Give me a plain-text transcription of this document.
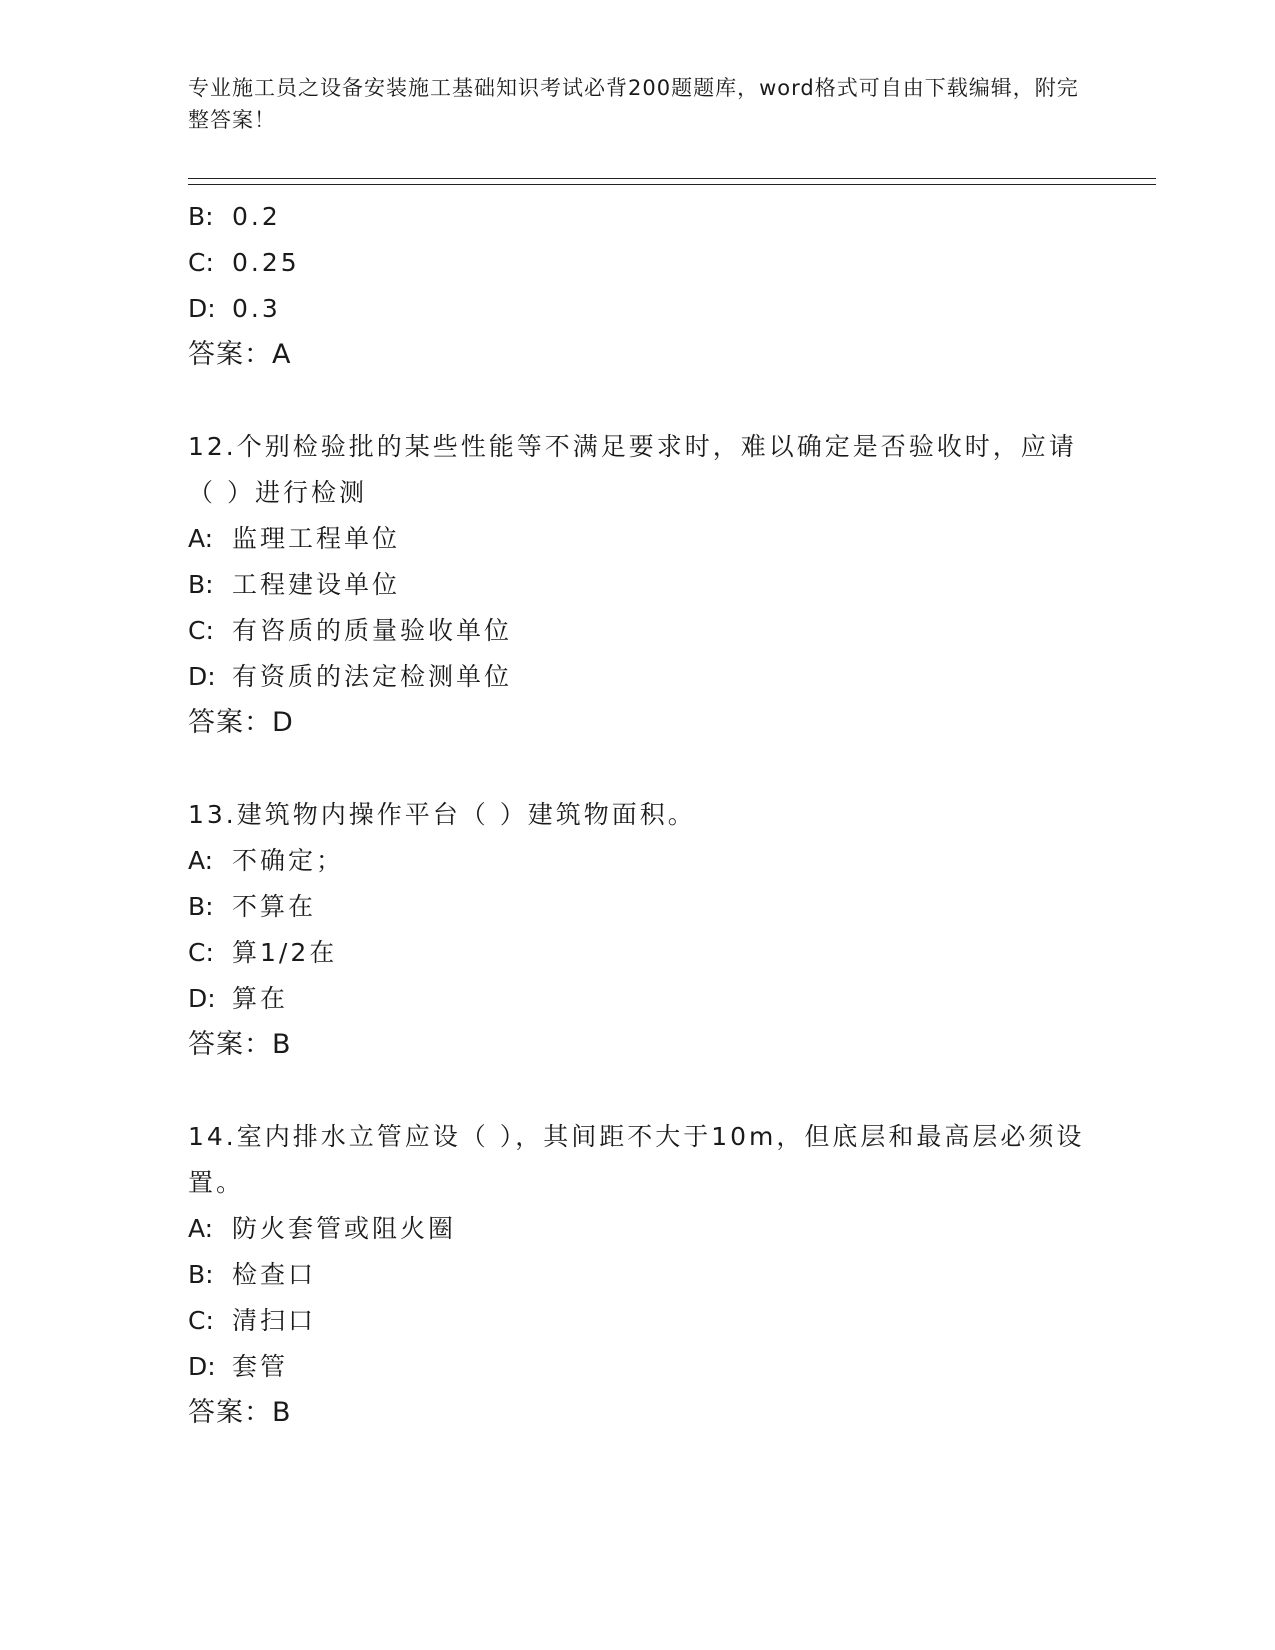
专业施工员之设备安装施工基础知识考试必背200题题库，word格式可自由下载编辑，附完整答案！
B: 0.2
C: 0.25
D: 0.3
答案：A
12.个别检验批的某些性能等不满足要求时，难以确定是否验收时，应请（ ）进行检测
A: 监理工程单位
B: 工程建设单位
C: 有咨质的质量验收单位
D: 有资质的法定检测单位
答案：D
13.建筑物内操作平台（ ）建筑物面积。
A: 不确定；
B: 不算在
C: 算1/2在
D: 算在
答案：B
14.室内排水立管应设（ ），其间距不大于10m，但底层和最高层必须设置。
A: 防火套管或阻火圈
B: 检查口
C: 清扫口
D: 套管
答案：B
